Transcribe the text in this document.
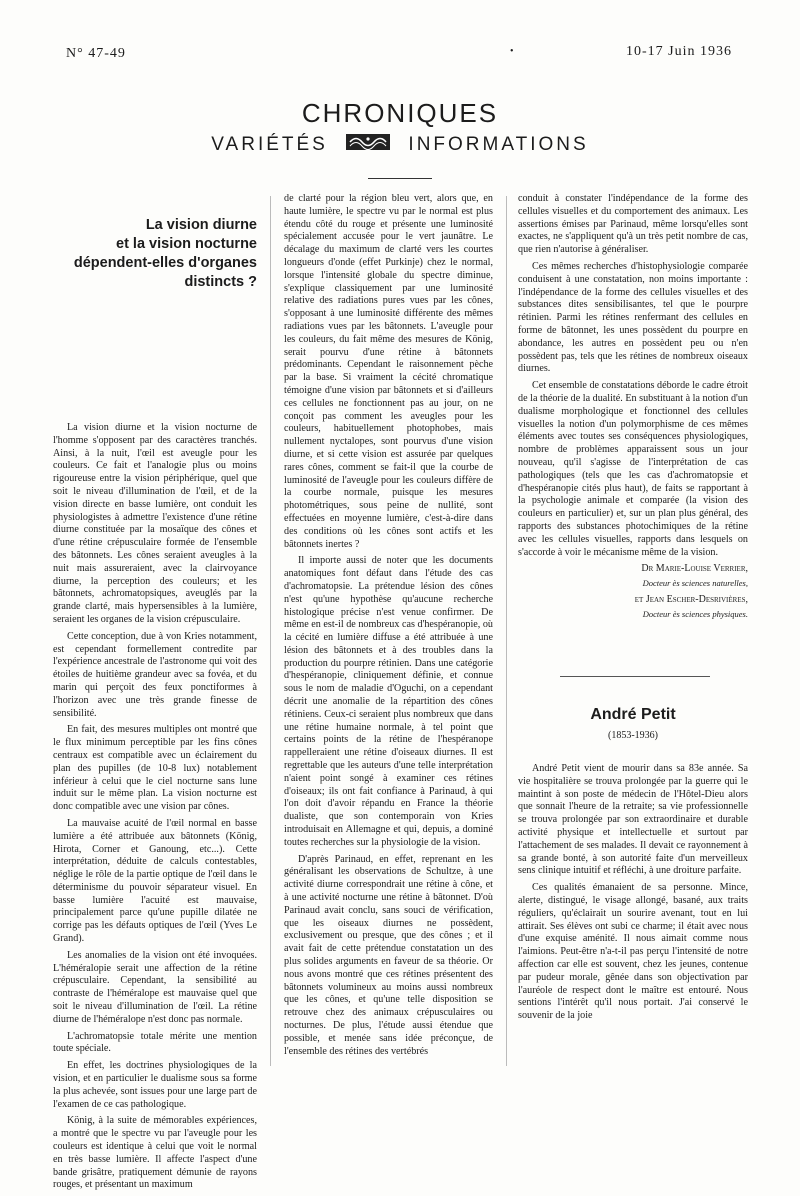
N° 47-49	•	10-17 Juin 1936
CHRONIQUES
VARIÉTÉS	INFORMATIONS
La vision diurne
et la vision nocturne
dépendent-elles d'organes
distincts ?

La vision diurne et la vision nocturne de l'homme s'opposent par des caractères tranchés. Ainsi, à la nuit, l'œil est aveugle pour les couleurs. Ce fait et l'analogie plus ou moins rigoureuse entre la vision périphérique, quel que soit le niveau d'illumination de l'œil, et de la vision directe en basse lumière, ont conduit les physiologistes à admettre l'existence d'une rétine diurne constituée par la mosaïque des cônes et d'une rétine crépusculaire formée de l'ensemble des bâtonnets. Les cônes seraient aveugles à la nuit mais assureraient, avec la clairvoyance diurne, la perception des couleurs; et les bâtonnets, achromatopsiques, aveuglés par la grande clarté, mais hypersensibles à la lumière, seraient les organes de la vision crépusculaire.

Cette conception, due à von Kries notamment, est cependant formellement contredite par l'expérience ancestrale de l'astronome qui voit des étoiles de huitième grandeur avec sa fovéa, et du marin qui perçoit des feux ponctiformes à l'horizon avec une très grande finesse de sensibilité.

En fait, des mesures multiples ont montré que le flux minimum perceptible par les fins cônes centraux est compatible avec un éclairement du plan des pupilles (de 10-8 lux) notablement inférieur à celui que le ciel nocturne sans lune induit sur le même plan. La vision nocturne est donc compatible avec une vision par cônes.

La mauvaise acuité de l'œil normal en basse lumière a été attribuée aux bâtonnets (König, Hirota, Corner et Ganoung, etc...). Cette interprétation, déduite de calculs contestables, néglige le rôle de la partie optique de l'œil dans le déterminisme du pouvoir séparateur visuel. En basse lumière l'acuité est mauvaise, principalement parce qu'une pupille dilatée ne corrige pas les défauts optiques de l'œil (Yves Le Grand).

Les anomalies de la vision ont été invoquées. L'héméralopie serait une affection de la rétine crépusculaire. Cependant, la sensibilité au contraste de l'héméralope est mauvaise quel que soit le niveau d'illumination de l'œil. La rétine diurne de l'héméralope n'est donc pas normale.

L'achromatopsie totale mérite une mention toute spéciale.

En effet, les doctrines physiologiques de la vision, et en particulier le dualisme sous sa forme la plus achevée, sont issues pour une large part de l'examen de ce cas pathologique.

König, à la suite de mémorables expériences, a montré que le spectre vu par l'aveugle pour les couleurs est identique à celui que voit le normal en très basse lumière. Il affecte l'aspect d'une bande grisâtre, pratiquement démunie de rayons rouges, et présentant un maximum

de clarté pour la région bleu vert, alors que, en haute lumière, le spectre vu par le normal est plus étendu côté du rouge et présente une luminosité spécialement accusée pour le vert jaunâtre. Le décalage du maximum de clarté vers les courtes longueurs d'onde (effet Purkinje) chez le normal, lorsque l'intensité globale du spectre diminue, s'explique classiquement par une luminosité relative des radiations pures vues par les cônes, s'opposant à une luminosité différente des mêmes radiations vues par les bâtonnets. L'aveugle pour les couleurs, du fait même des mesures de König, serait pourvu d'une rétine à bâtonnets prédominants. Cependant le raisonnement pèche par la base. Si vraiment la cécité chromatique témoigne d'une vision par bâtonnets et si d'ailleurs ces cellules ne fonctionnent pas au jour, on ne conçoit pas comment les aveugles pour les couleurs, habituellement photophobes, mais nullement nyctalopes, sont pourvus d'une vision diurne, et si cette vision est assurée par quelques rares cônes, comment se fait-il que la courbe de luminosité de l'aveugle pour les couleurs diffère de la courbe normale, puisque les mesures photométriques, sous peine de nullité, sont effectuées en moyenne lumière, c'est-à-dire dans des conditions où les cônes sont actifs et les bâtonnets inertes ?

Il importe aussi de noter que les documents anatomiques font défaut dans l'étude des cas d'achromatopsie. La prétendue lésion des cônes n'est qu'une hypothèse qu'aucune recherche histologique précise n'est venue confirmer. De même en est-il de nombreux cas d'hespéranopie, où la cécité en lumière diffuse a été attribuée à une lésion des bâtonnets et à des troubles dans la production du pourpre rétinien. Dans une catégorie d'hespéranopie, cliniquement définie, et connue sous le nom de maladie d'Oguchi, on a cependant décrit une anomalie de la répartition des cônes rétiniens. Ceux-ci seraient plus nombreux que dans une rétine humaine normale, à tel point que certains points de la rétine de l'hespéranope rappelleraient une rétine d'oiseaux diurnes. Il est regrettable que les auteurs d'une telle interprétation n'aient point songé à examiner ces rétines d'oiseaux; ils ont fait confiance à Parinaud, à qui l'on doit d'avoir répandu en France la théorie dualiste, que son contemporain von Kries introduisait en Allemagne et qui, depuis, a dominé toutes recherches sur la physiologie de la vision.

D'après Parinaud, en effet, reprenant en les généralisant les observations de Schultze, à une activité diurne correspondrait une rétine à cône, et à une activité nocturne une rétine à bâtonnet. D'où Parinaud avait conclu, sans souci de vérification, que les oiseaux diurnes ne possèdent, exclusivement ou presque, que des cônes ; et il avait fait de cette prétendue constatation un des plus solides arguments en faveur de sa théorie. Or nous avons montré que ces rétines présentent des bâtonnets volumineux au moins aussi nombreux que les cônes, et qu'une telle disposition se retrouve chez des animaux crépusculaires ou nocturnes. De plus, l'étude aussi étendue que possible, et menée sans idée préconçue, de l'ensemble des rétines des vertébrés

conduit à constater l'indépendance de la forme des cellules visuelles et du comportement des animaux. Les assertions émises par Parinaud, même lorsqu'elles sont exactes, ne s'appliquent qu'à un très petit nombre de cas, que rien n'autorise à généraliser.

Ces mêmes recherches d'histophysiologie comparée conduisent à une constatation, non moins importante : l'indépendance de la forme des cellules visuelles et des substances dites sensibilisantes, tel que le pourpre rétinien. Parmi les rétines renfermant des cellules en forme de bâtonnet, les unes possèdent du pourpre en abondance, les autres en possèdent peu ou n'en possèdent pas, tels que les rétines de nombreux oiseaux diurnes.

Cet ensemble de constatations déborde le cadre étroit de la théorie de la dualité. En substituant à la notion d'un dualisme morphologique et fonctionnel des cellules visuelles la notion d'un polymorphisme de ces mêmes éléments avec toutes ses conséquences physiologiques, nombre de problèmes apparaissent sous un jour nouveau, qu'il s'agisse de l'interprétation de cas pathologiques (tels que les cas d'achromatopsie et d'hespéranopie cités plus haut), de faits se rapportant à la psychologie animale et comparée (la vision des couleurs en particulier) et, sur un plan plus général, des rapports des substances photochimiques de la rétine avec les cellules visuelles, rapports dans lesquels on s'accorde à voir le mécanisme même de la vision.

Dr Marie-Louise Verrier,

Docteur ès sciences naturelles,

et Jean Escher-Desrivières,

Docteur ès sciences physiques.

André Petit
(1853-1936)

André Petit vient de mourir dans sa 83e année. Sa vie hospitalière se trouva prolongée par la guerre qui le maintint à son poste de médecin de l'Hôtel-Dieu alors que sonnait l'heure de la retraite; sa vie professionnelle se trouva prolongée par son extraordinaire et durable activité physique et intellectuelle et surtout par l'attachement de ses malades. Il devait ce rayonnement à sa grande bonté, à son autorité faite d'un merveilleux sens clinique intuitif et réfléchi, à une droiture parfaite.

Ces qualités émanaient de sa personne. Mince, alerte, distingué, le visage allongé, basané, aux traits réguliers, qu'éclairait un sourire avenant, tout en lui attirait. Ses élèves ont subi ce charme; il était avec nous d'une exquise aménité. Il nous aimait comme nous l'aimions. Peut-être n'a-t-il pas perçu l'intensité de notre affection car elle est souvent, chez les jeunes, contenue par pudeur morale, gênée dans son objectivation par l'auréole de respect dont le maître est entouré. Nous sentions l'intérêt qu'il nous portait. J'ai conservé le souvenir de la joie
